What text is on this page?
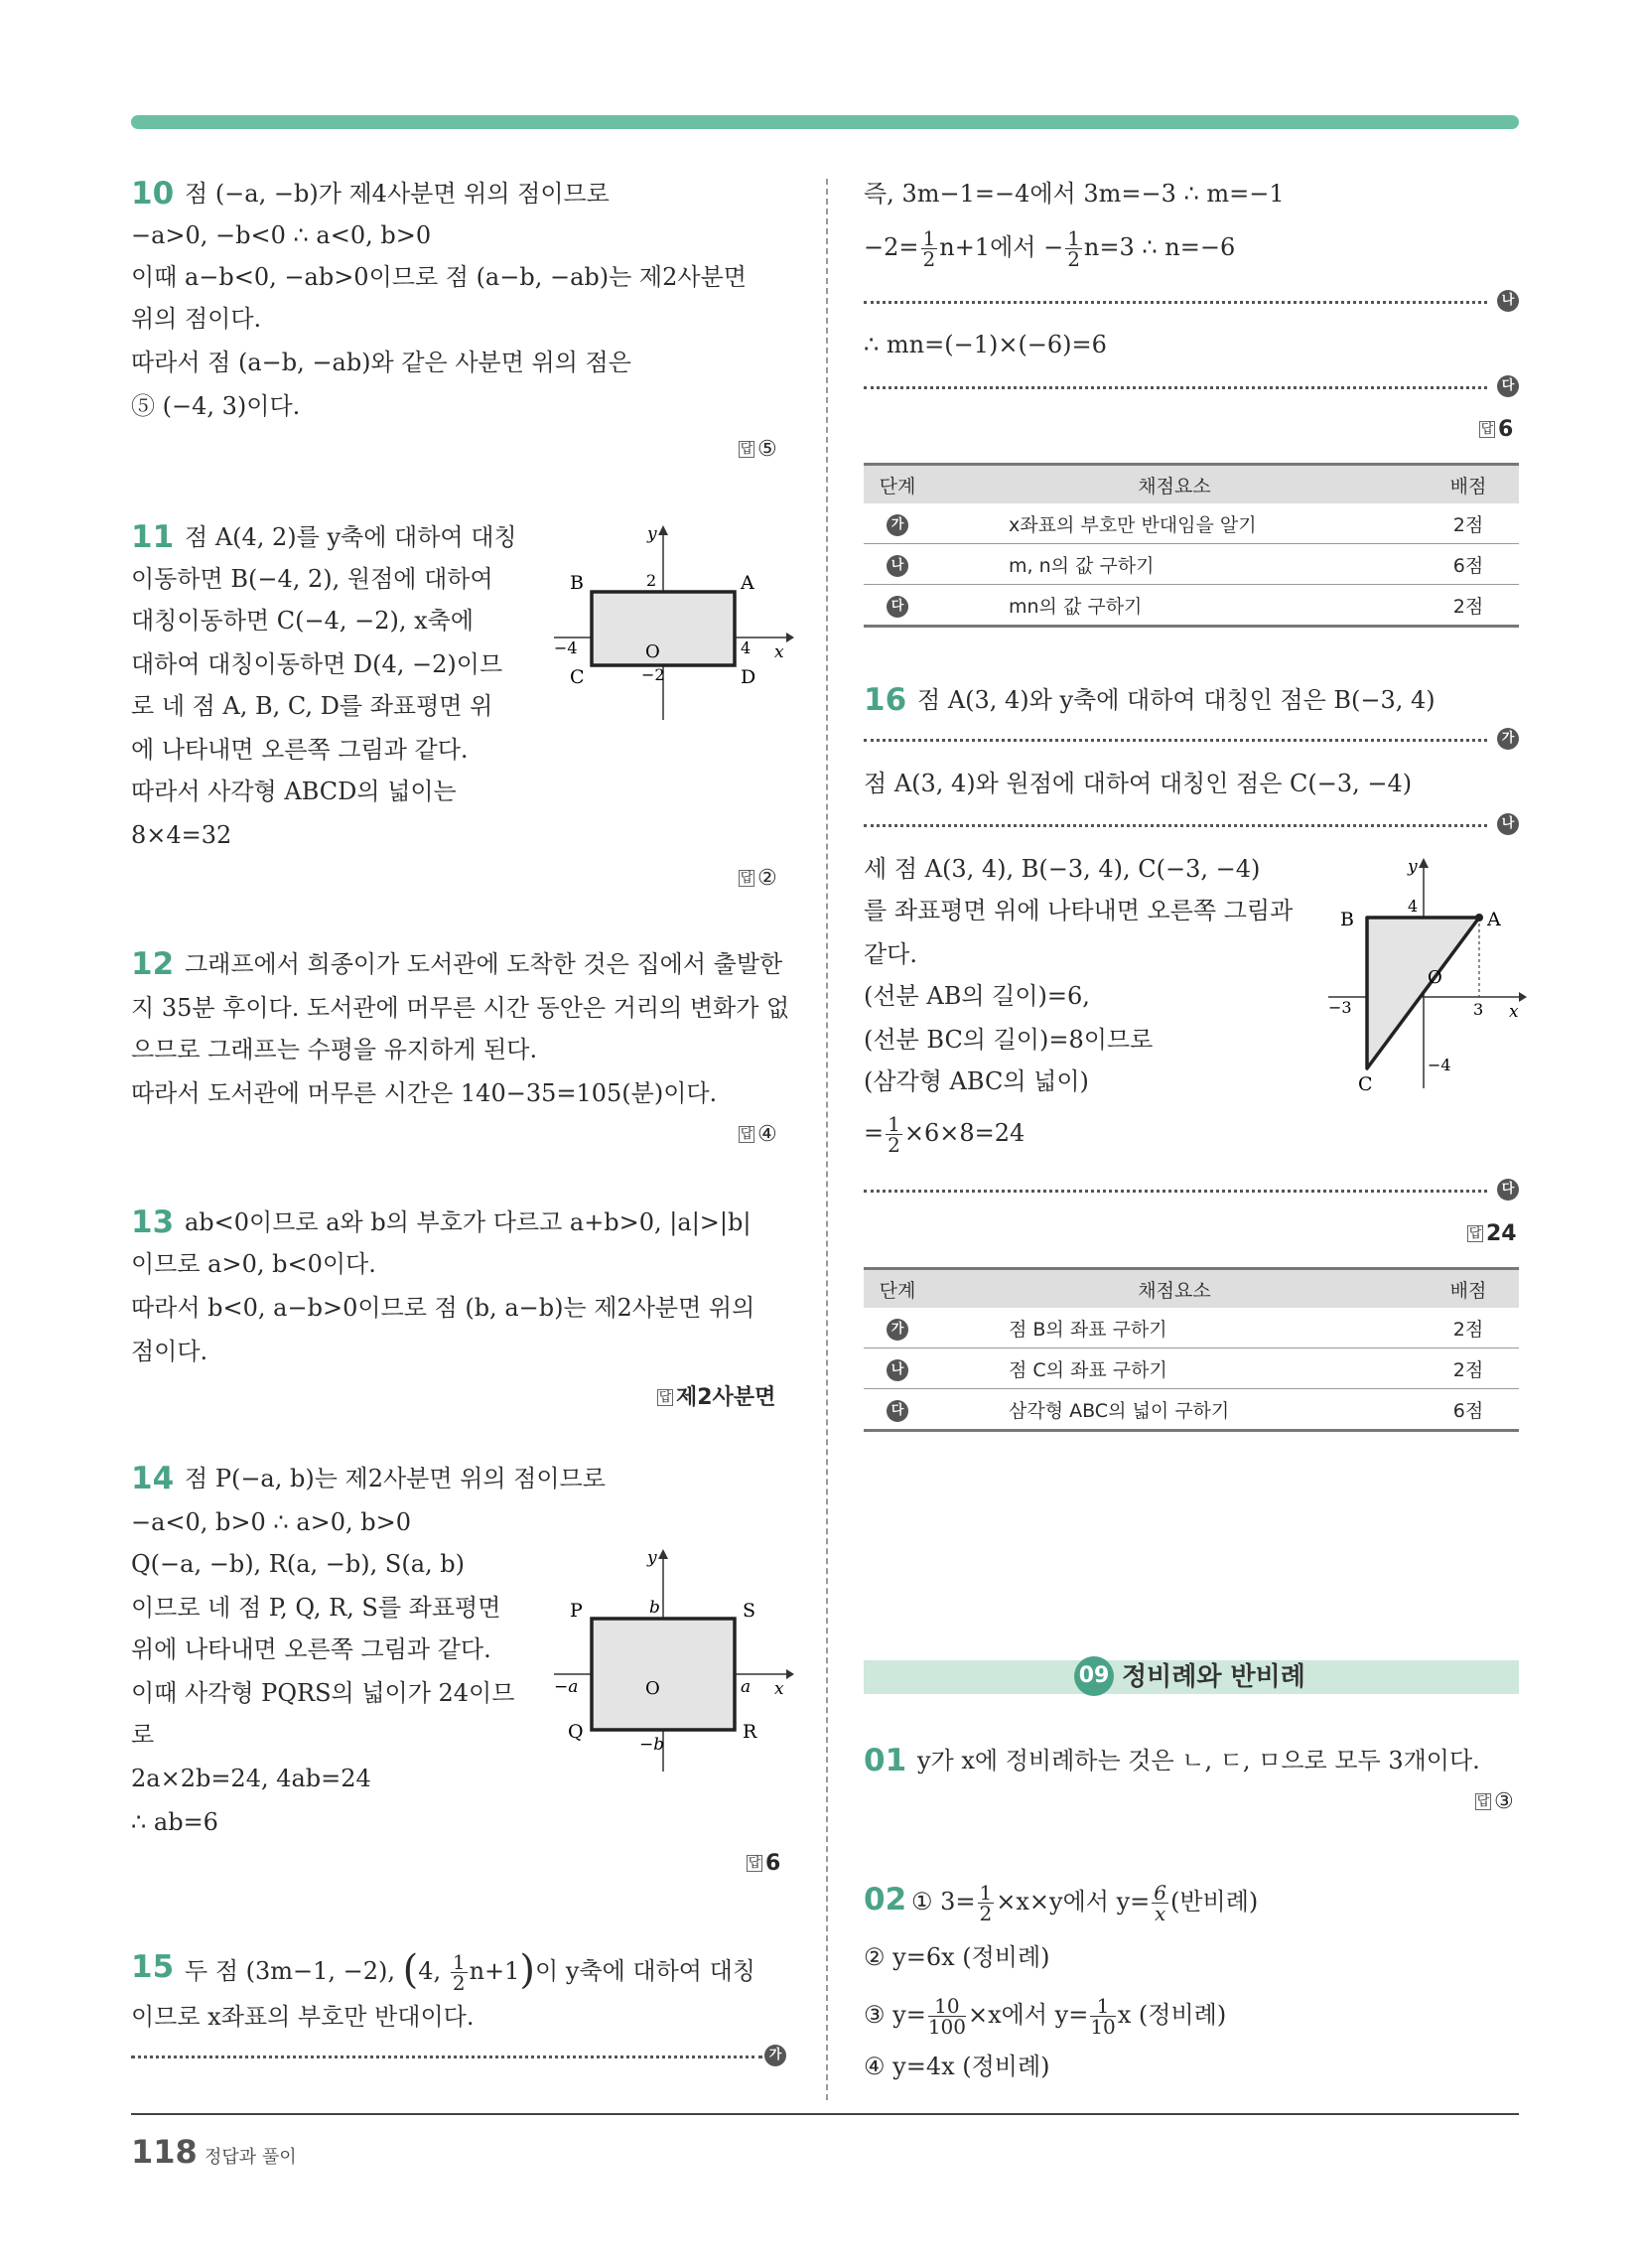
10 점 (−a, −b)가 제4사분면 위의 점이므로
−a>0, −b<0 ∴ a<0, b>0
이때 a−b<0, −ab>0이므로 점 (a−b, −ab)는 제2사분면
위의 점이다.
따라서 점 (a−b, −ab)와 같은 사분면 위의 점은
⑤ (−4, 3)이다.
답 ⑤
11 점 A(4, 2)를 y축에 대하여 대칭
이동하면 B(−4, 2), 원점에 대하여
대칭이동하면 C(−4, −2), x축에
대하여 대칭이동하면 D(4, −2)이므
로 네 점 A, B, C, D를 좌표평면 위
에 나타내면 오른쪽 그림과 같다.
따라서 사각형 ABCD의 넓이는
8×4=32
y
x
B	A
C	D
2
−2
−4	4
O
답 ②
12 그래프에서 희종이가 도서관에 도착한 것은 집에서 출발한
지 35분 후이다. 도서관에 머무른 시간 동안은 거리의 변화가 없
으므로 그래프는 수평을 유지하게 된다.
따라서 도서관에 머무른 시간은 140−35=105(분)이다.
답 ④
13 ab<0이므로 a와 b의 부호가 다르고 a+b>0, |a|>|b|
이므로 a>0, b<0이다.
따라서 b<0, a−b>0이므로 점 (b, a−b)는 제2사분면 위의
점이다.
답 제2사분면
14 점 P(−a, b)는 제2사분면 위의 점이므로
−a<0, b>0 ∴ a>0, b>0
Q(−a, −b), R(a, −b), S(a, b)
이므로 네 점 P, Q, R, S를 좌표평면
위에 나타내면 오른쪽 그림과 같다.
이때 사각형 PQRS의 넓이가 24이므
로
2a×2b=24, 4ab=24
∴ ab=6
y
x
P	S
Q	R
b
−b
−a	a
O
답 6
15 두 점 (3m−1, −2), (4, $\frac{1}{2} n+1$)이 y축에 대하여 대칭
이므로 x좌표의 부호만 반대이다.
가
즉, 3m−1=−4에서 3m=−3 ∴ m=−1
$-2= \frac{1}{2} n+1$에서 − $\frac{1}{2} n=3$ ∴ n=−6
나
∴ mn=(−1)×(−6)=6
다
답 6
단계	채점요소	배점
가	x좌표의 부호만 반대임을 알기	2점
나	m, n의 값 구하기	6점
다	mn의 값 구하기	2점
16 점 A(3, 4)와 y축에 대하여 대칭인 점은 B(−3, 4)
가
점 A(3, 4)와 원점에 대하여 대칭인 점은 C(−3, −4)
나
세 점 A(3, 4), B(−3, 4), C(−3, −4)
를 좌표평면 위에 나타내면 오른쪽 그림과
같다.
(선분 AB의 길이)=6,
(선분 BC의 길이)=8이므로
(삼각형 ABC의 넓이)
= $\frac{1}{2} \times 6\times 8=24$
y
x
A
B
C
O
4
−4
−3	3
다
답 24
단계	채점요소	배점
가	점 B의 좌표 구하기	2점
나	점 C의 좌표 구하기	2점
다	삼각형 ABC의 넓이 구하기	6점
09 정비례와 반비례
01 y가 x에 정비례하는 것은 ㄴ, ㄷ, ㅁ으로 모두 3개이다.
답 ③
02 ① $3= \frac{1}{2} \times x\times y$에서 $y= \frac{6}{x}$ (반비례)
② y=6x (정비례)
③ $y= \frac{10}{100} \times x$에서 $y= \frac{1}{10}$ x (정비례)
④ y=4x (정비례)
118 정답과 풀이
